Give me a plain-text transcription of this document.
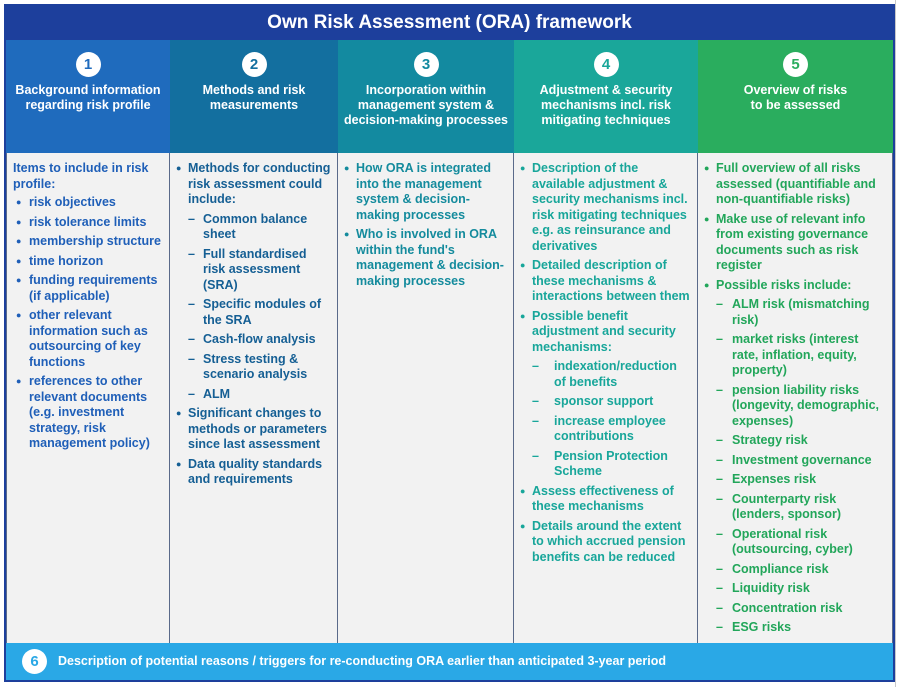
Own Risk Assessment (ORA) framework
1
Background information regarding risk profile
2
Methods and risk measurements
3
Incorporation within management system & decision-making processes
4
Adjustment & security mechanisms incl. risk mitigating techniques
5
Overview of risks to be assessed
Items to include in risk profile:
● risk objectives
● risk tolerance limits
● membership structure
● time horizon
● funding requirements (if applicable)
● other relevant information such as outsourcing of key functions
● references to other relevant documents (e.g. investment strategy, risk management policy)
● Methods for conducting risk assessment could include:
– Common balance sheet
– Full standardised risk assessment (SRA)
– Specific modules of the SRA
– Cash-flow analysis
– Stress testing & scenario analysis
– ALM
● Significant changes to methods or parameters since last assessment
● Data quality standards and requirements
● How ORA is integrated into the management system & decision-making processes
● Who is involved in ORA within the fund's management & decision-making processes
● Description of the available adjustment & security mechanisms incl. risk mitigating techniques e.g. as reinsurance and derivatives
● Detailed description of these mechanisms & interactions between them
● Possible benefit adjustment and security mechanisms:
– indexation/reduction of benefits
– sponsor support
– increase employee contributions
– Pension Protection Scheme
● Assess effectiveness of these mechanisms
● Details around the extent to which accrued pension benefits can be reduced
● Full overview of all risks assessed (quantifiable and non-quantifiable risks)
● Make use of relevant info from existing governance documents such as risk register
● Possible risks include:
– ALM risk (mismatching risk)
– market risks (interest rate, inflation, equity, property)
– pension liability risks (longevity, demographic, expenses)
– Strategy risk
– Investment governance
– Expenses risk
– Counterparty risk (lenders, sponsor)
– Operational risk (outsourcing, cyber)
– Compliance risk
– Liquidity risk
– Concentration risk
– ESG risks
6	Description of potential reasons / triggers for re-conducting ORA earlier than anticipated 3-year period
